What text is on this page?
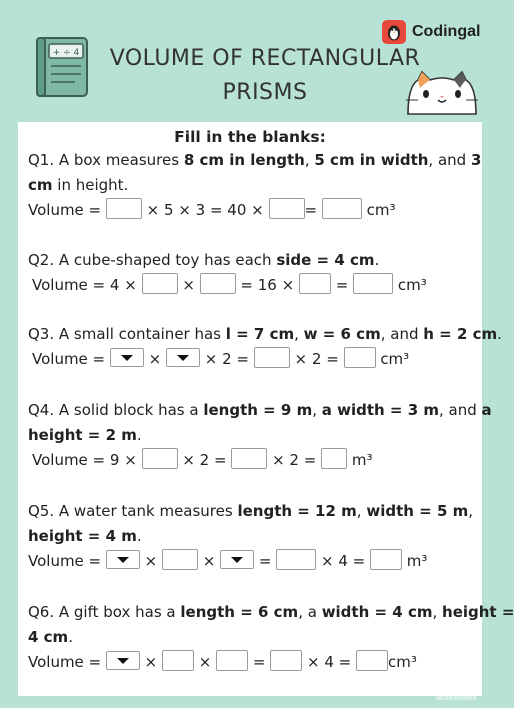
+ ÷ 4	VOLUME OF RECTANGULAR PRISMS
Codingal
Fill in the blanks:
Q1. A box measures 8 cm in length, 5 cm in width, and 3
cm in height.
Volume =  × 5 × 3 = 40 × =	cm³
Q2. A cube-shaped toy has each side = 4 cm.
Volume = 4 ×  ×  = 16 ×  =	cm³
Q3. A small container has l = 7 cm, w = 6 cm, and h = 2 cm.
Volume =  ×  × 2 =  × 2 =  cm³
Q4. A solid block has a length = 9 m, a width = 3 m, and a
height = 2 m.
Volume = 9 ×  × 2 =  × 2 =  m³
Q5. A water tank measures length = 12 m, width = 5 m,
height = 4 m.
Volume =  ×  ×  =	× 4 =  m³
Q6. A gift box has a length = 6 cm, a width = 4 cm, height =
4 cm.
Volume =  ×  ×  =  × 4 = cm³
TOP
worksheets
